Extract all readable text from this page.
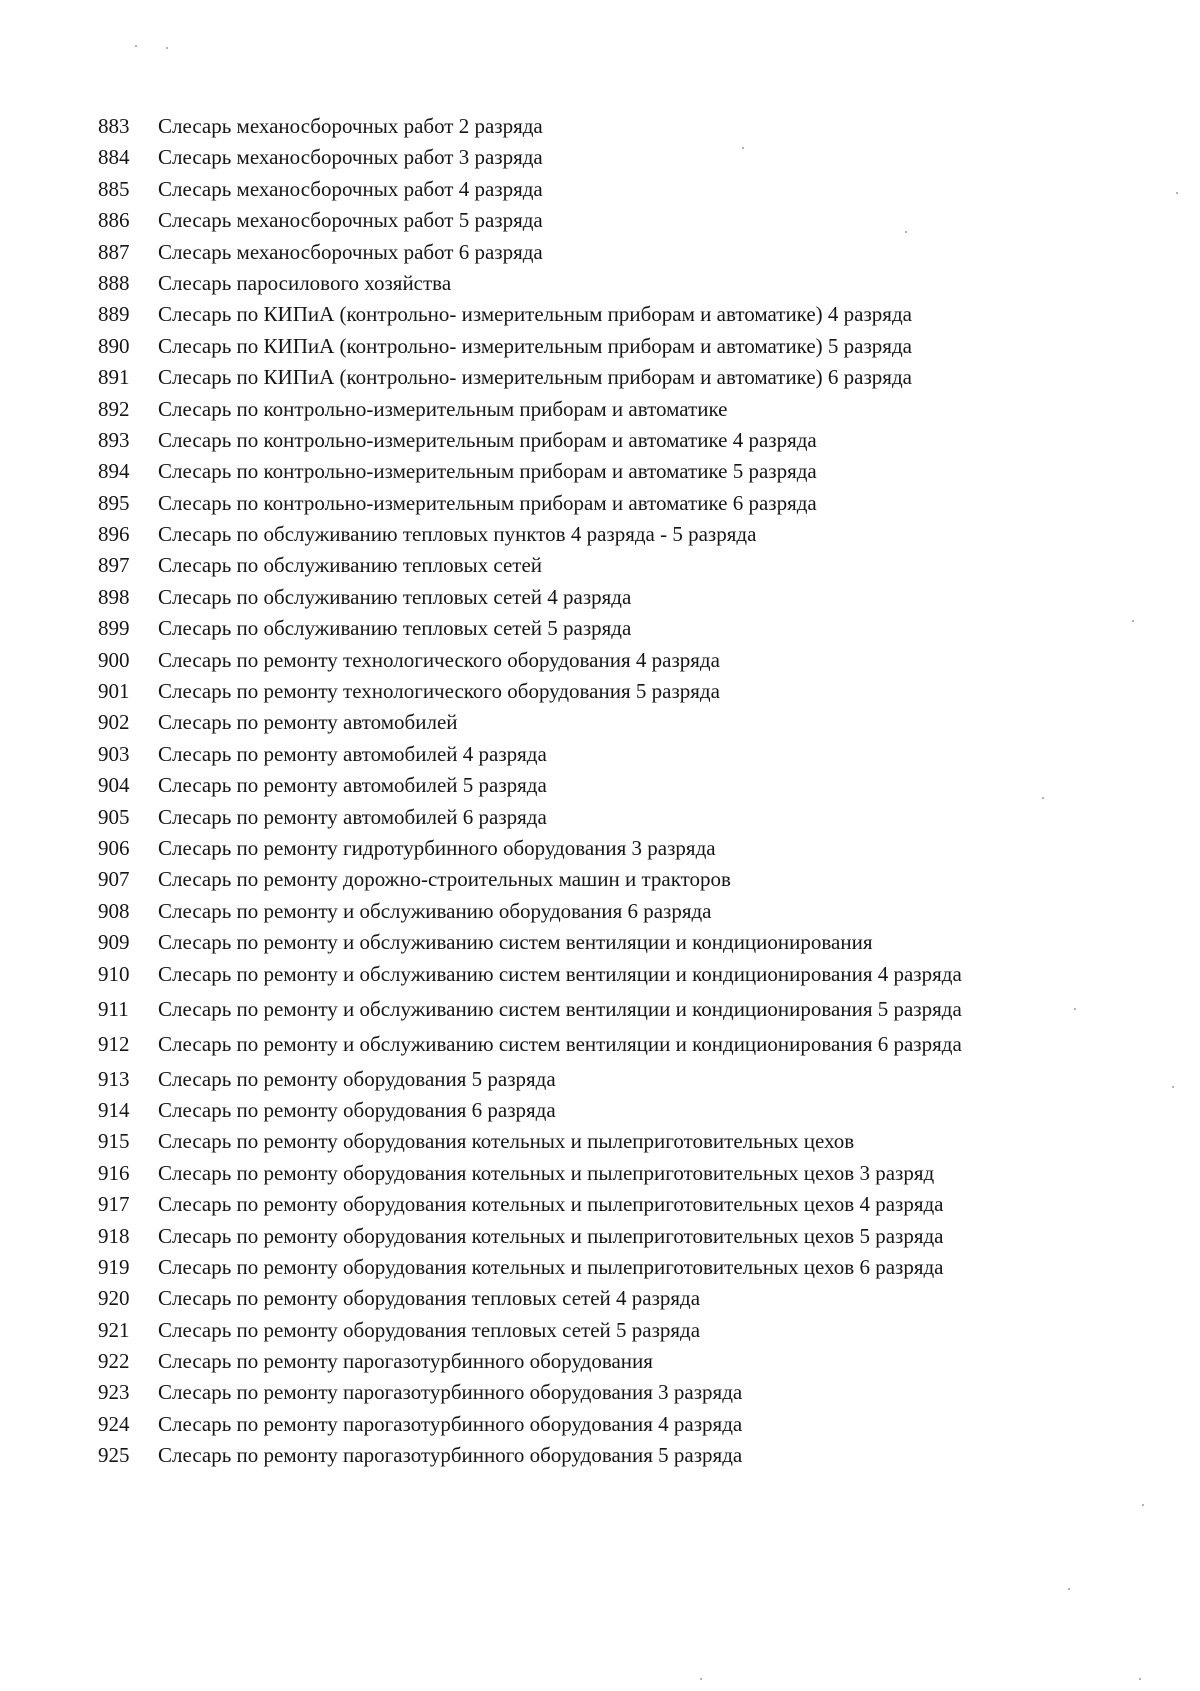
883	Слесарь механосборочных работ 2 разряда
884	Слесарь механосборочных работ 3 разряда
885	Слесарь механосборочных работ 4 разряда
886	Слесарь механосборочных работ 5 разряда
887	Слесарь механосборочных работ 6 разряда
888	Слесарь паросилового хозяйства
889	Слесарь по КИПиА (контрольно- измерительным приборам и автоматике) 4 разряда
890	Слесарь по КИПиА (контрольно- измерительным приборам и автоматике) 5 разряда
891	Слесарь по КИПиА (контрольно- измерительным приборам и автоматике) 6 разряда
892	Слесарь по контрольно-измерительным приборам и автоматике
893	Слесарь по контрольно-измерительным приборам и автоматике 4 разряда
894	Слесарь по контрольно-измерительным приборам и автоматике 5 разряда
895	Слесарь по контрольно-измерительным приборам и автоматике 6 разряда
896	Слесарь по обслуживанию тепловых пунктов 4 разряда - 5 разряда
897	Слесарь по обслуживанию тепловых сетей
898	Слесарь по обслуживанию тепловых сетей 4 разряда
899	Слесарь по обслуживанию тепловых сетей 5 разряда
900	Слесарь по ремонту технологического оборудования 4 разряда
901	Слесарь по ремонту технологического оборудования 5 разряда
902	Слесарь по ремонту автомобилей
903	Слесарь по ремонту автомобилей 4 разряда
904	Слесарь по ремонту автомобилей 5 разряда
905	Слесарь по ремонту автомобилей 6 разряда
906	Слесарь по ремонту гидротурбинного оборудования 3 разряда
907	Слесарь по ремонту дорожно-строительных машин и тракторов
908	Слесарь по ремонту и обслуживанию оборудования 6 разряда
909	Слесарь по ремонту и обслуживанию систем вентиляции и кондиционирования
910	Слесарь по ремонту и обслуживанию систем вентиляции и кондиционирования 4 разряда
911	Слесарь по ремонту и обслуживанию систем вентиляции и кондиционирования 5 разряда
912	Слесарь по ремонту и обслуживанию систем вентиляции и кондиционирования 6 разряда
913	Слесарь по ремонту оборудования 5 разряда
914	Слесарь по ремонту оборудования 6 разряда
915	Слесарь по ремонту оборудования котельных и пылеприготовительных цехов
916	Слесарь по ремонту оборудования котельных и пылеприготовительных цехов 3 разряд
917	Слесарь по ремонту оборудования котельных и пылеприготовительных цехов 4 разряда
918	Слесарь по ремонту оборудования котельных и пылеприготовительных цехов 5 разряда
919	Слесарь по ремонту оборудования котельных и пылеприготовительных цехов 6 разряда
920	Слесарь по ремонту оборудования тепловых сетей 4 разряда
921	Слесарь по ремонту оборудования тепловых сетей 5 разряда
922	Слесарь по ремонту парогазотурбинного оборудования
923	Слесарь по ремонту парогазотурбинного оборудования 3 разряда
924	Слесарь по ремонту парогазотурбинного оборудования 4 разряда
925	Слесарь по ремонту парогазотурбинного оборудования 5 разряда
